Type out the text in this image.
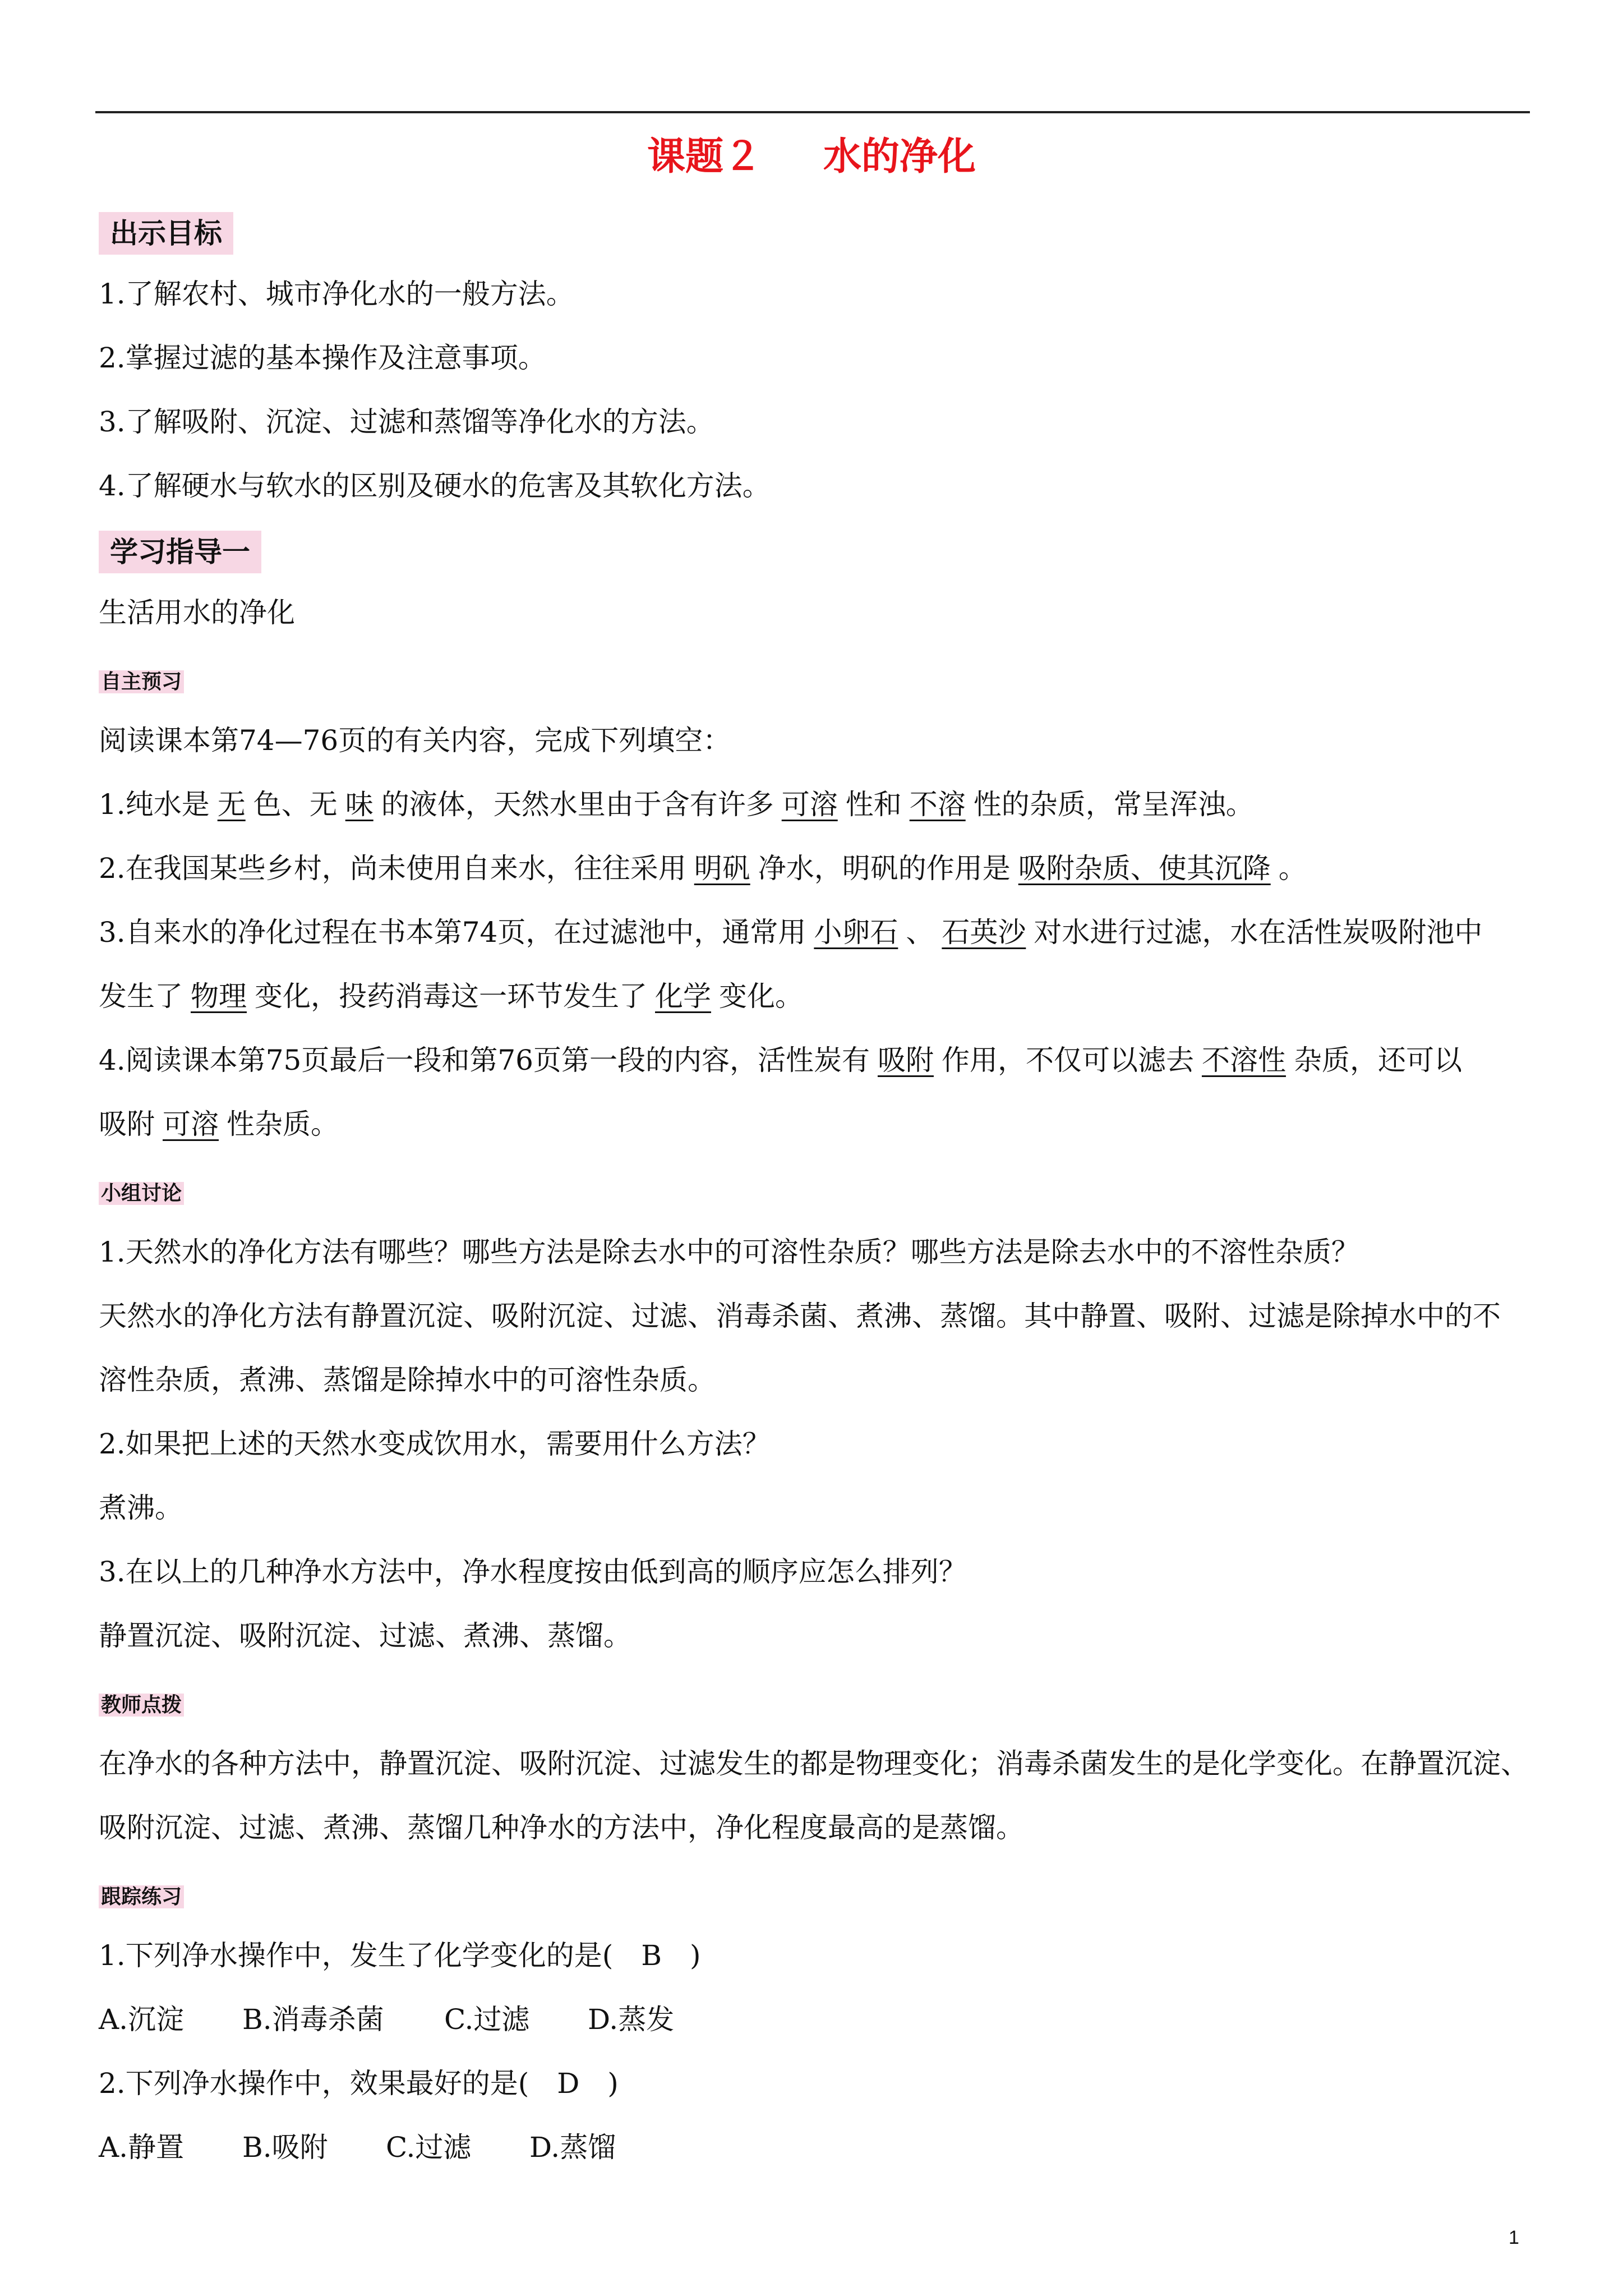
课题２ 水的净化
出示目标
1.了解农村、城市净化水的一般方法。
2.掌握过滤的基本操作及注意事项。
3.了解吸附、沉淀、过滤和蒸馏等净化水的方法。
4.了解硬水与软水的区别及硬水的危害及其软化方法。
学习指导一
生活用水的净化
自主预习
阅读课本第74—76页的有关内容，完成下列填空：
1.纯水是 无 色、无 味 的液体，天然水里由于含有许多 可溶 性和 不溶 性的杂质，常呈浑浊。
2.在我国某些乡村，尚未使用自来水，往往采用 明矾 净水，明矾的作用是 吸附杂质、使其沉降 。
3.自来水的净化过程在书本第74页，在过滤池中，通常用 小卵石 、 石英沙 对水进行过滤，水在活性炭吸附池中
发生了 物理 变化，投药消毒这一环节发生了 化学 变化。
4.阅读课本第75页最后一段和第76页第一段的内容，活性炭有 吸附 作用，不仅可以滤去 不溶性 杂质，还可以
吸附 可溶 性杂质。
小组讨论
1.天然水的净化方法有哪些？哪些方法是除去水中的可溶性杂质？哪些方法是除去水中的不溶性杂质？
天然水的净化方法有静置沉淀、吸附沉淀、过滤、消毒杀菌、煮沸、蒸馏。其中静置、吸附、过滤是除掉水中的不
溶性杂质，煮沸、蒸馏是除掉水中的可溶性杂质。
2.如果把上述的天然水变成饮用水，需要用什么方法？
煮沸。
3.在以上的几种净水方法中，净水程度按由低到高的顺序应怎么排列？
静置沉淀、吸附沉淀、过滤、煮沸、蒸馏。
教师点拨
在净水的各种方法中，静置沉淀、吸附沉淀、过滤发生的都是物理变化；消毒杀菌发生的是化学变化。在静置沉淀、
吸附沉淀、过滤、煮沸、蒸馏几种净水的方法中，净化程度最高的是蒸馏。
跟踪练习
1.下列净水操作中，发生了化学变化的是(　B　)
A.沉淀 B.消毒杀菌 C.过滤 D.蒸发
2.下列净水操作中，效果最好的是(　D　)
A.静置 B.吸附 C.过滤 D.蒸馏
1
